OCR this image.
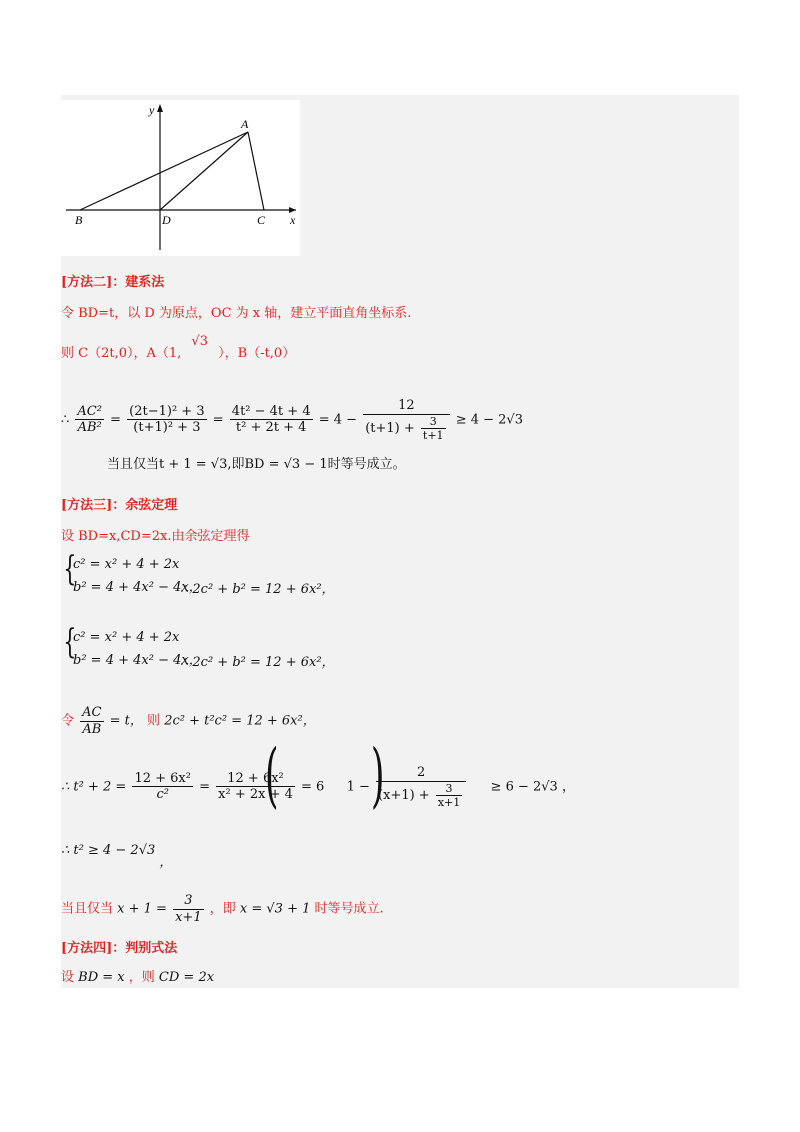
y
x
A
B	C
D
[方法二]：建系法
令 BD=t，以 D 为原点，OC 为 x 轴，建立平面直角坐标系.
则 C（2t,0），A（1, √3 ），B（-t,0）
∴ $\frac{\text{AC²}}{\text{AB²}} = \frac{\text{(2t−1)² + 3}}{\text{(t+1)² + 3}} = \frac{\text{4t² − 4t + 4}}{\text{t² + 2t + 4}} = 4 - \frac{12}{(t+1) + \frac{3}{t+1}} \ge 4 - 2√3$
当且仅当t + 1 = √3,即BD = √3 − 1时等号成立。
[方法三]：余弦定理
设 BD=x,CD=2x.由余弦定理得
{
c² = x² + 4 + 2x
b² = 4 + 4x² − 4x，
∴ 2c² + b² = 12 + 6x²，
{
c² = x² + 4 + 2x
b² = 4 + 4x² − 4x，
∴ 2c² + b² = 12 + 6x²，
令 $\frac{AC}{AB} = t$， 则 2c² + t²c² = 12 + 6x²，
∴ $t^2 + 2 = \frac{\text{12 + 6x²}}{\text{c²}} = \frac{\text{12 + 6x²}}{\text{x² + 2x + 4}} = 6$ $1 - \frac{2}{(x+1) + \frac{3}{x+1}} \ge 6 - 2√3$ ，
( )
∴ t² ≥ 4 − 2√3 ，
当且仅当 $x + 1 = \frac{3}{x+1}$ ，即 x = √3 + 1 时等号成立.
[方法四]：判别式法
设 BD = x ，则 CD = 2x
